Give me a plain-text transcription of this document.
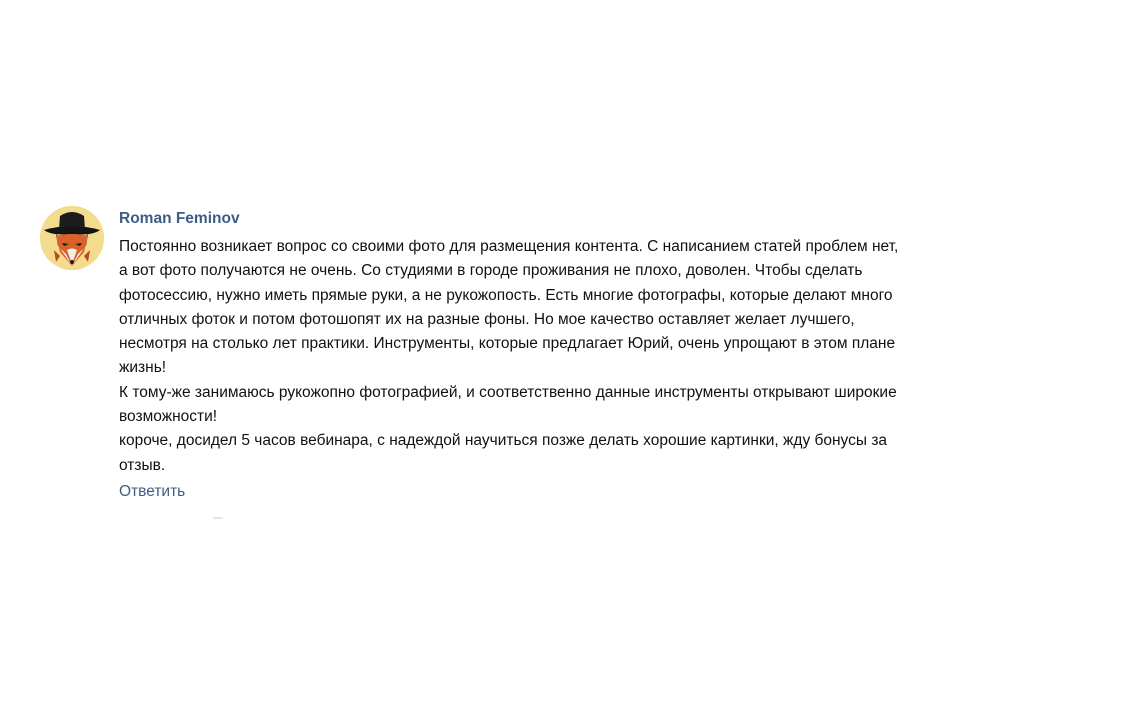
Roman Feminov

Постоянно возникает вопрос со своими фото для размещения контента. С написанием статей проблем нет,
а вот фото получаются не очень. Со студиями в городе проживания не плохо, доволен. Чтобы сделать
фотосессию, нужно иметь прямые руки, а не рукожопость. Есть многие фотографы, которые делают много
отличных фоток и потом фотошопят их на разные фоны. Но мое качество оставляет желает лучшего,
несмотря на столько лет практики. Инструменты, которые предлагает Юрий, очень упрощают в этом плане
жизнь!

К тому-же занимаюсь рукожопно фотографией, и соответственно данные инструменты открывают широкие
возможности!

короче, досидел 5 часов вебинара, с надеждой научиться позже делать хорошие картинки, жду бонусы за
отзыв.

Ответить
